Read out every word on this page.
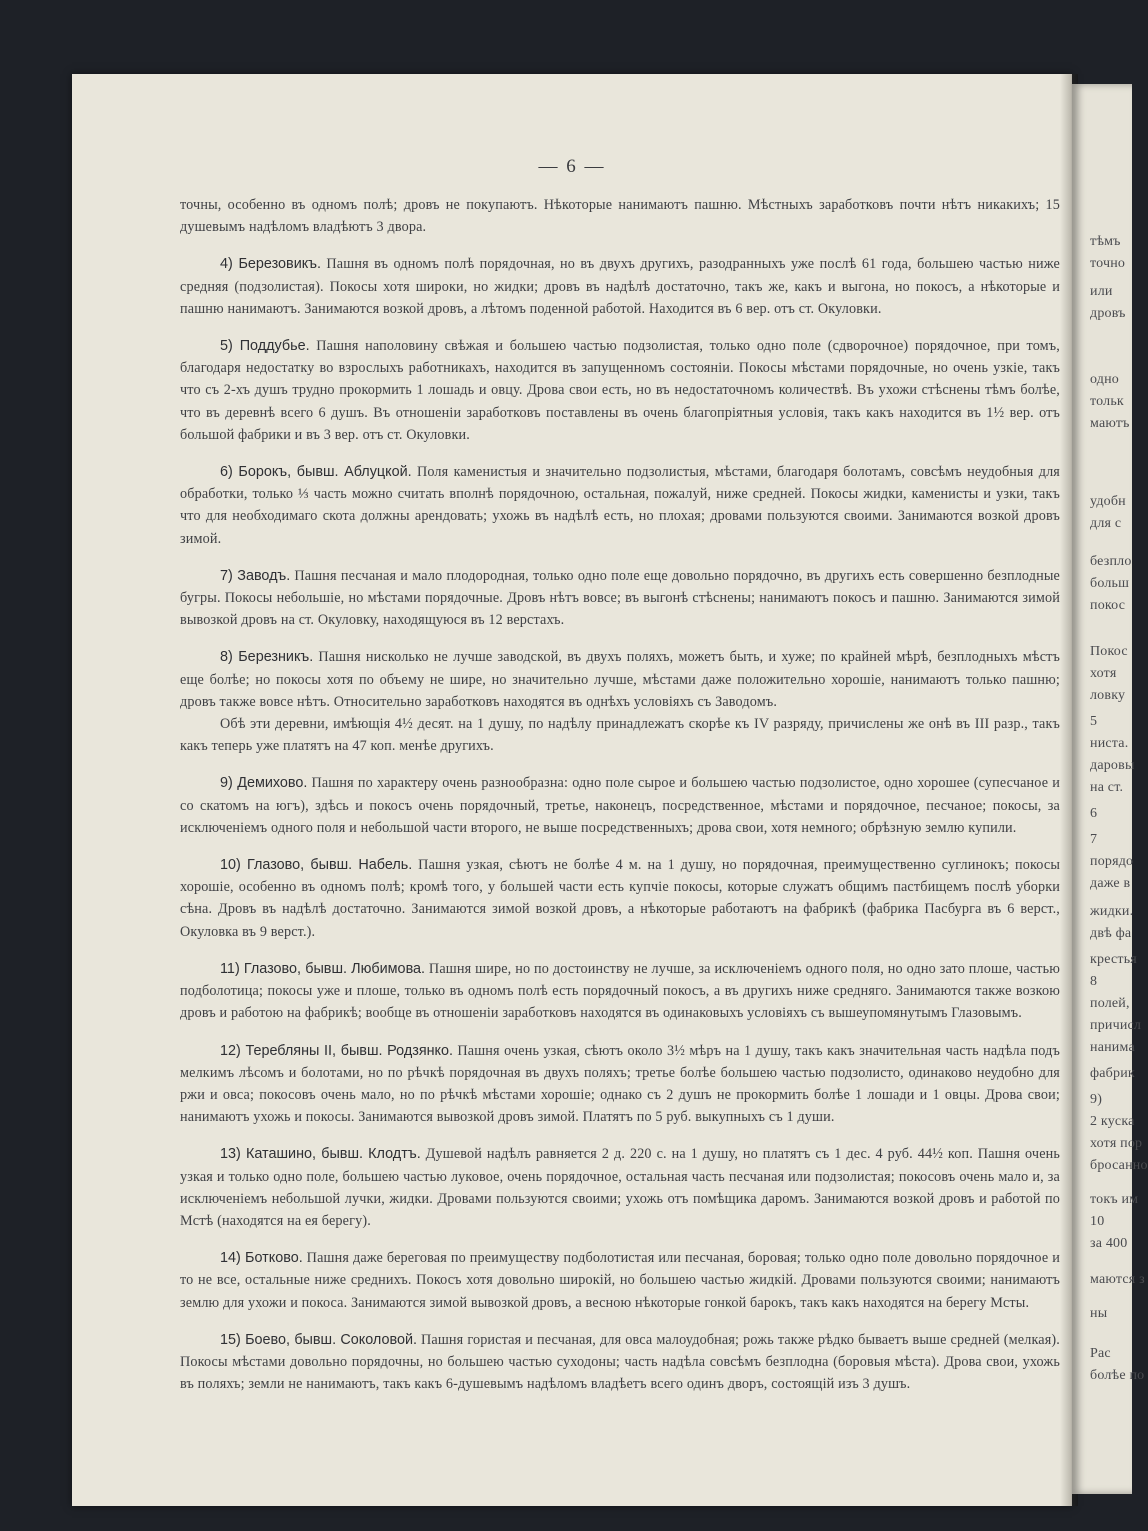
— 6 —

точны, особенно въ одномъ полѣ; дровъ не покупаютъ. Нѣкоторые нанимаютъ пашню. Мѣстныхъ заработковъ почти нѣтъ никакихъ; 15 душевымъ надѣломъ владѣютъ 3 двора.

4) Березовикъ. Пашня въ одномъ полѣ порядочная, но въ двухъ другихъ, разодранныхъ уже послѣ 61 года, большею частью ниже средняя (подзолистая). Покосы хотя широки, но жидки; дровъ въ надѣлѣ достаточно, такъ же, какъ и выгона, но покосъ, а нѣкоторые и пашню нанимаютъ. Занимаются возкой дровъ, а лѣтомъ поденной работой. Находится въ 6 вер. отъ ст. Окуловки.

5) Поддубье. Пашня наполовину свѣжая и большею частью подзолистая, только одно поле (сдворочное) порядочное, при томъ, благодаря недостатку во взрослыхъ работникахъ, находится въ запущенномъ состояніи. Покосы мѣстами порядочные, но очень узкіе, такъ что съ 2-хъ душъ трудно прокормить 1 лошадь и овцу. Дрова свои есть, но въ недостаточномъ количествѣ. Въ ухожи стѣснены тѣмъ болѣе, что въ деревнѣ всего 6 душъ. Въ отношеніи заработковъ поставлены въ очень благопріятныя условія, такъ какъ находится въ 1½ вер. отъ большой фабрики и въ 3 вер. отъ ст. Окуловки.

6) Борокъ, бывш. Аблуцкой. Поля каменистыя и значительно подзолистыя, мѣстами, благодаря болотамъ, совсѣмъ неудобныя для обработки, только ⅓ часть можно считать вполнѣ порядочною, остальная, пожалуй, ниже средней. Покосы жидки, каменисты и узки, такъ что для необходимаго скота должны арендовать; ухожь въ надѣлѣ есть, но плохая; дровами пользуются своими. Занимаются возкой дровъ зимой.

7) Заводъ. Пашня песчаная и мало плодородная, только одно поле еще довольно порядочно, въ другихъ есть совершенно безплодные бугры. Покосы небольшіе, но мѣстами порядочные. Дровъ нѣтъ вовсе; въ выгонѣ стѣснены; нанимаютъ покосъ и пашню. Занимаются зимой вывозкой дровъ на ст. Окуловку, находящуюся въ 12 верстахъ.

8) Березникъ. Пашня нисколько не лучше заводской, въ двухъ поляхъ, можетъ быть, и хуже; по крайней мѣрѣ, безплодныхъ мѣстъ еще болѣе; но покосы хотя по объему не шире, но значительно лучше, мѣстами даже положительно хорошіе, нанимаютъ только пашню; дровъ также вовсе нѣтъ. Относительно заработковъ находятся въ однѣхъ условіяхъ съ Заводомъ.

Обѣ эти деревни, имѣющія 4½ десят. на 1 душу, по надѣлу принадлежатъ скорѣе къ IV разряду, причислены же онѣ въ III разр., такъ какъ теперь уже платятъ на 47 коп. менѣе другихъ.

9) Демихово. Пашня по характеру очень разнообразна: одно поле сырое и большею частью подзолистое, одно хорошее (супесчаное и со скатомъ на югъ), здѣсь и покосъ очень порядочный, третье, наконецъ, посредственное, мѣстами и порядочное, песчаное; покосы, за исключеніемъ одного поля и небольшой части второго, не выше посредственныхъ; дрова свои, хотя немного; обрѣзную землю купили.

10) Глазово, бывш. Набель. Пашня узкая, сѣютъ не болѣе 4 м. на 1 душу, но порядочная, преимущественно суглинокъ; покосы хорошіе, особенно въ одномъ полѣ; кромѣ того, у большей части есть купчіе покосы, которые служатъ общимъ пастбищемъ послѣ уборки сѣна. Дровъ въ надѣлѣ достаточно. Занимаются зимой возкой дровъ, а нѣкоторые работаютъ на фабрикѣ (фабрика Пасбурга въ 6 верст., Окуловка въ 9 верст.).

11) Глазово, бывш. Любимова. Пашня шире, но по достоинству не лучше, за исключеніемъ одного поля, но одно зато плоше, частью подболотица; покосы уже и плоше, только въ одномъ полѣ есть порядочный покосъ, а въ другихъ ниже средняго. Занимаются также возкою дровъ и работою на фабрикѣ; вообще въ отношеніи заработковъ находятся въ одинаковыхъ условіяхъ съ вышеупомянутымъ Глазовымъ.

12) Теребляны II, бывш. Родзянко. Пашня очень узкая, сѣютъ около 3½ мѣръ на 1 душу, такъ какъ значительная часть надѣла подъ мелкимъ лѣсомъ и болотами, но по рѣчкѣ порядочная въ двухъ поляхъ; третье болѣе большею частью подзолисто, одинаково неудобно для ржи и овса; покосовъ очень мало, но по рѣчкѣ мѣстами хорошіе; однако съ 2 душъ не прокормить болѣе 1 лошади и 1 овцы. Дрова свои; нанимаютъ ухожь и покосы. Занимаются вывозкой дровъ зимой. Платятъ по 5 руб. выкупныхъ съ 1 души.

13) Каташино, бывш. Клодтъ. Душевой надѣлъ равняется 2 д. 220 с. на 1 душу, но платятъ съ 1 дес. 4 руб. 44½ коп. Пашня очень узкая и только одно поле, большею частью луковое, очень порядочное, остальная часть песчаная или подзолистая; покосовъ очень мало и, за исключеніемъ небольшой лучки, жидки. Дровами пользуются своими; ухожь отъ помѣщика даромъ. Занимаются возкой дровъ и работой по Мстѣ (находятся на ея берегу).

14) Ботково. Пашня даже береговая по преимуществу подболотистая или песчаная, боровая; только одно поле довольно порядочное и то не все, остальные ниже среднихъ. Покосъ хотя довольно широкій, но большею частью жидкій. Дровами пользуются своими; нанимаютъ землю для ухожи и покоса. Занимаются зимой вывозкой дровъ, а весною нѣкоторые гонкой барокъ, такъ какъ находятся на берегу Мсты.

15) Боево, бывш. Соколовой. Пашня гористая и песчаная, для овса малоудобная; рожь также рѣдко бываетъ выше средней (мелкая). Покосы мѣстами довольно порядочны, но большею частью суходоны; часть надѣла совсѣмъ безплодна (боровыя мѣста). Дрова свои, ухожь въ поляхъ; земли не нанимаютъ, такъ какъ 6-душевымъ надѣломъ владѣетъ всего одинъ дворъ, состоящій изъ 3 душъ.

тѣмъ
точно
или
дровъ
одно
тольк
маютъ
удобн
для с
безпло
больш
покос
Покос
хотя
ловку
5
ниста.
даровы
на ст.
6
7
порядо
даже в
жидки.
двѣ фа
крестья
8
полей,
причисл
нанима
фабрик
9)
2 куска
хотя пор
бросанно
токъ им
10
за 400
маются з
ны
Рас
болѣе по
